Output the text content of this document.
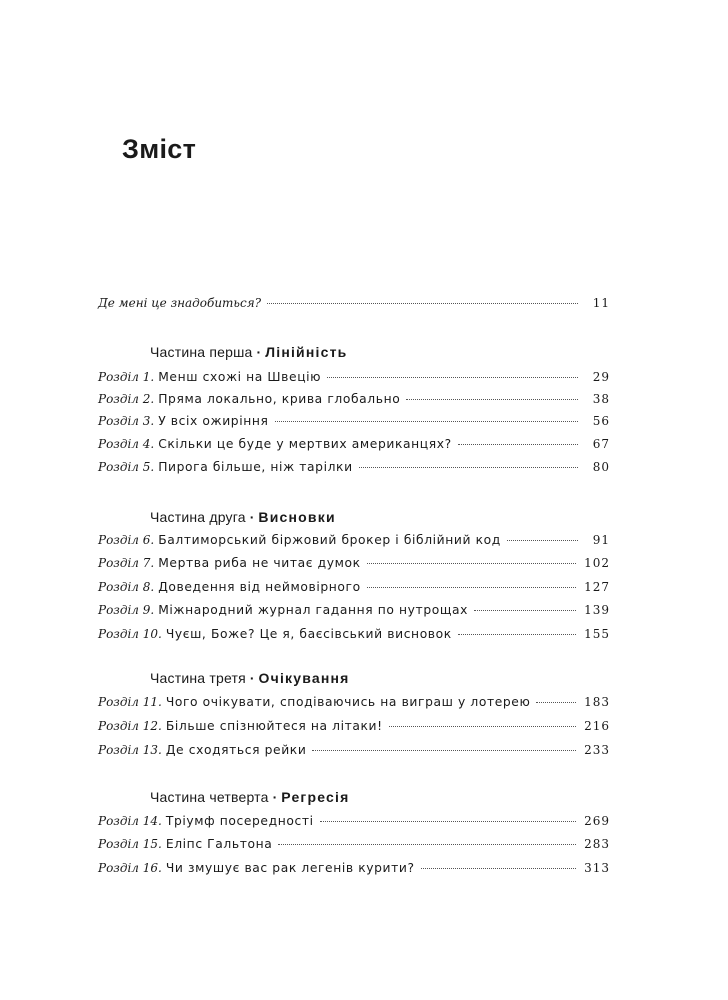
Зміст
Де мені це знадобиться?	11
Частина перша · Лінійність
Розділ 1. Менш схожі на Швецію	29
Розділ 2. Пряма локально, крива глобально	38
Розділ 3. У всіх ожиріння	56
Розділ 4. Скільки це буде у мертвих американцях?	67
Розділ 5. Пирога більше, ніж тарілки	80
Частина друга · Висновки
Розділ 6. Балтиморський біржовий брокер і біблійний код	91
Розділ 7. Мертва риба не читає думок	102
Розділ 8. Доведення від неймовірного	127
Розділ 9. Міжнародний журнал гадання по нутрощах	139
Розділ 10. Чуєш, Боже? Це я, баєсівський висновок	155
Частина третя · Очікування
Розділ 11. Чого очікувати, сподіваючись на виграш у лотерею	183
Розділ 12. Більше спізнюйтеся на літаки!	216
Розділ 13. Де сходяться рейки	233
Частина четверта · Регресія
Розділ 14. Тріумф посередності	269
Розділ 15. Еліпс Гальтона	283
Розділ 16. Чи змушує вас рак легенів курити?	313
